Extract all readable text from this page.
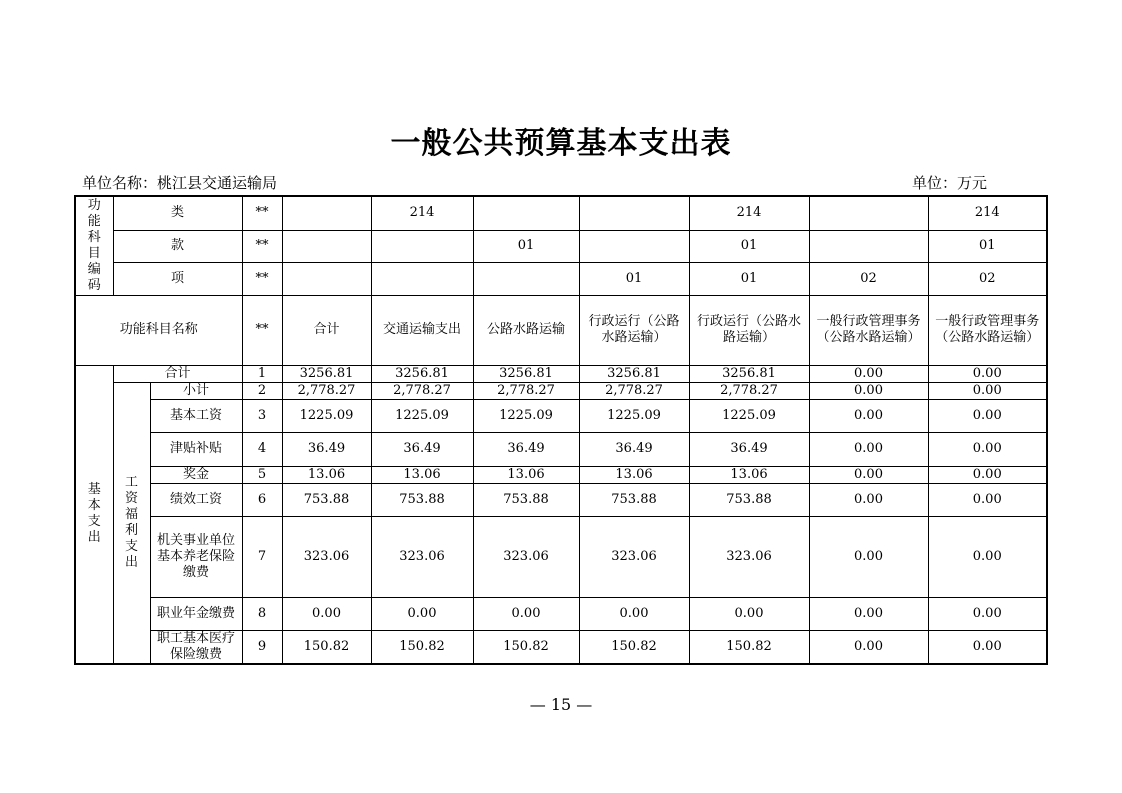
一般公共预算基本支出表
单位名称：桃江县交通运输局	单位：万元
功能科目编码	类		**		214			214		214
	款		**			01		01		01
	项		**				01	01	02	02
功能科目名称			**	合计	交通运输支出	公路水路运输	行政运行（公路水路运输）	行政运行（公路水路运输）	一般行政管理事务（公路水路运输）	一般行政管理事务（公路水路运输）

基本支出	合计		1	3256.81	3256.81	3256.81	3256.81	3256.81	0.00	0.00

	工资福利支出	小计	2	2,778.27	2,778.27	2,778.27	2,778.27	2,778.27	0.00	0.00
		基本工资	3	1225.09	1225.09	1225.09	1225.09	1225.09	0.00	0.00
		津贴补贴	4	36.49	36.49	36.49	36.49	36.49	0.00	0.00
		奖金	5	13.06	13.06	13.06	13.06	13.06	0.00	0.00
		绩效工资	6	753.88	753.88	753.88	753.88	753.88	0.00	0.00
		机关事业单位基本养老保险缴费	7	323.06	323.06	323.06	323.06	323.06	0.00	0.00
		职业年金缴费	8	0.00	0.00	0.00	0.00	0.00	0.00	0.00
		职工基本医疗保险缴费	9	150.82	150.82	150.82	150.82	150.82	0.00	0.00
— 15 —
